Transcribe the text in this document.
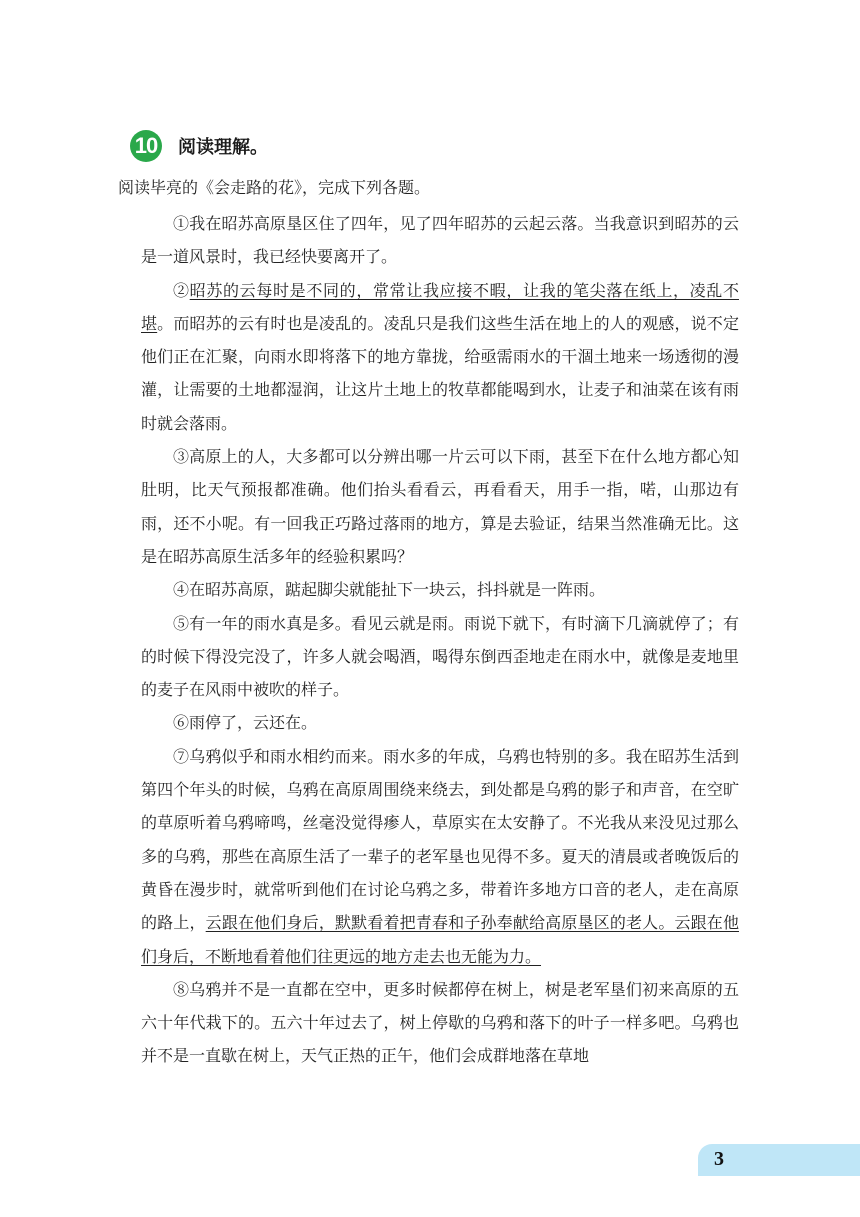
10 阅读理解。
阅读毕亮的《会走路的花》，完成下列各题。

①我在昭苏高原垦区住了四年，见了四年昭苏的云起云落。当我意识到昭苏的云是一道风景时，我已经快要离开了。

②昭苏的云每时是不同的，常常让我应接不暇，让我的笔尖落在纸上，凌乱不堪。而昭苏的云有时也是凌乱的。凌乱只是我们这些生活在地上的人的观感，说不定他们正在汇聚，向雨水即将落下的地方靠拢，给亟需雨水的干涸土地来一场透彻的漫灌，让需要的土地都湿润，让这片土地上的牧草都能喝到水，让麦子和油菜在该有雨时就会落雨。

③高原上的人，大多都可以分辨出哪一片云可以下雨，甚至下在什么地方都心知肚明，比天气预报都准确。他们抬头看看云，再看看天，用手一指，喏，山那边有雨，还不小呢。有一回我正巧路过落雨的地方，算是去验证，结果当然准确无比。这是在昭苏高原生活多年的经验积累吗？

④在昭苏高原，踮起脚尖就能扯下一块云，抖抖就是一阵雨。

⑤有一年的雨水真是多。看见云就是雨。雨说下就下，有时滴下几滴就停了；有的时候下得没完没了，许多人就会喝酒，喝得东倒西歪地走在雨水中，就像是麦地里的麦子在风雨中被吹的样子。

⑥雨停了，云还在。

⑦乌鸦似乎和雨水相约而来。雨水多的年成，乌鸦也特别的多。我在昭苏生活到第四个年头的时候，乌鸦在高原周围绕来绕去，到处都是乌鸦的影子和声音，在空旷的草原听着乌鸦啼鸣，丝毫没觉得瘆人，草原实在太安静了。不光我从来没见过那么多的乌鸦，那些在高原生活了一辈子的老军垦也见得不多。夏天的清晨或者晚饭后的黄昏在漫步时，就常听到他们在讨论乌鸦之多，带着许多地方口音的老人，走在高原的路上，云跟在他们身后，默默看着把青春和子孙奉献给高原垦区的老人。云跟在他们身后，不断地看着他们往更远的地方走去也无能为力。

⑧乌鸦并不是一直都在空中，更多时候都停在树上，树是老军垦们初来高原的五六十年代栽下的。五六十年过去了，树上停歇的乌鸦和落下的叶子一样多吧。乌鸦也并不是一直歇在树上，天气正热的正午，他们会成群地落在草地

3
